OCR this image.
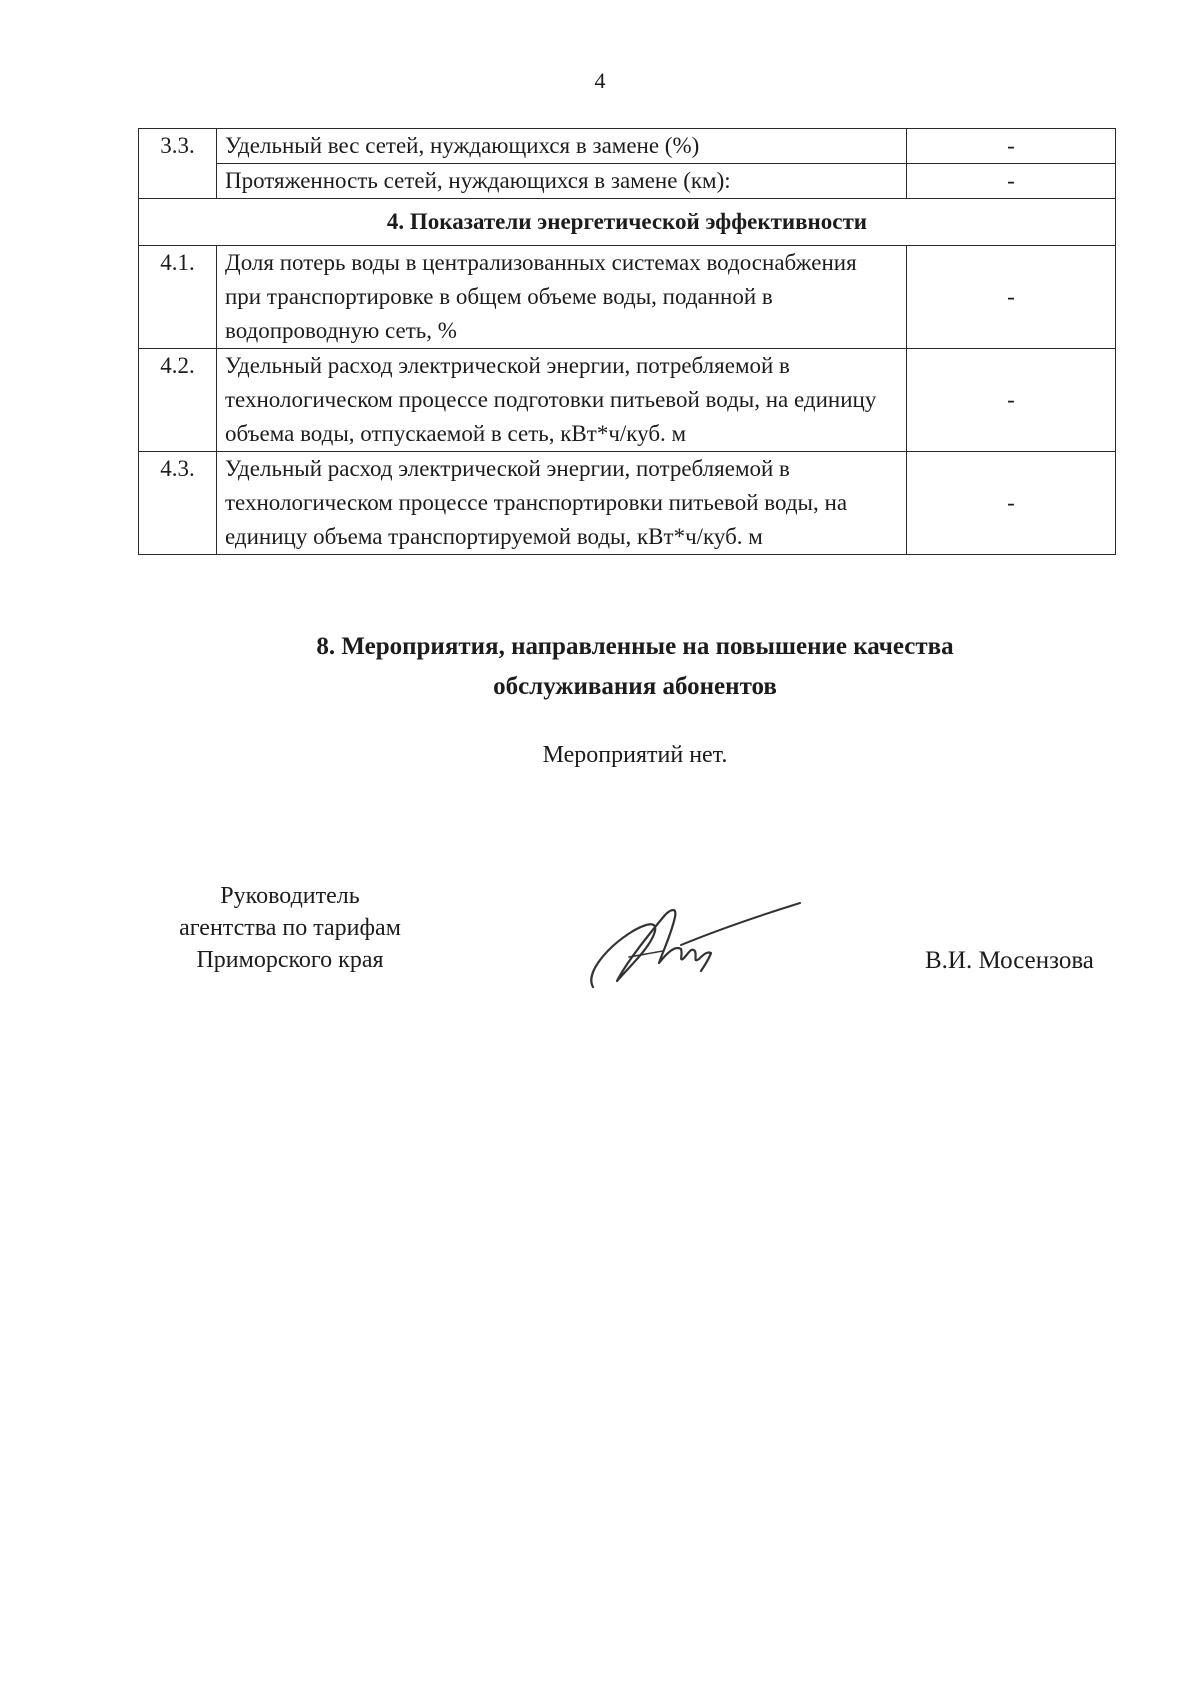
4
3.3.	Удельный вес сетей, нуждающихся в замене (%)	-
	Протяженность сетей, нуждающихся в замене (км):	-
4. Показатели энергетической эффективности		
4.1.	Доля потерь воды в централизованных системах водоснабжения при транспортировке в общем объеме воды, поданной в водопроводную сеть, %	-
4.2.	Удельный расход электрической энергии, потребляемой в технологическом процессе подготовки питьевой воды, на единицу объема воды, отпускаемой в сеть, кВт*ч/куб. м	-
4.3.	Удельный расход электрической энергии, потребляемой в технологическом процессе транспортировки питьевой воды, на единицу объема транспортируемой воды, кВт*ч/куб. м	-
8. Мероприятия, направленные на повышение качества
обслуживания абонентов
Мероприятий нет.
Руководитель
агентства по тарифам
Приморского края	В.И. Мосензова
